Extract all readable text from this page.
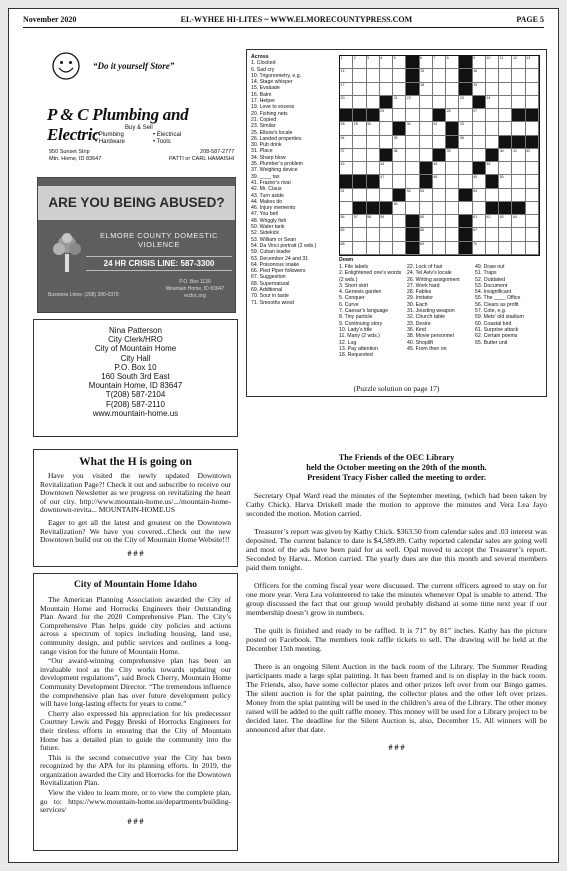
November 2020	EL-WYHEE HI-LITES ~ WWW.ELMORECOUNTYPRESS.COM	PAGE 5
“Do it yourself Store”
P & C Plumbing and Electric	Buy & Sell
• Plumbing	• Electrical
• Hardware	• Tools
950 Sunset Strip
Mtn. Home, ID 83647
208-587-2777
PATTI or CARL HAMAISHI
ARE YOU BEING ABUSED?
ELMORE COUNTY DOMESTIC
VIOLENCE
24 HR CRISIS LINE: 587-3300
P.O. Box 1136
Mountain Home, ID 83647
ecdvc.org
Business Lines: (208) 390-0379
Nina Patterson
City Clerk/HRO
City of Mountain Home
City Hall
P.O. Box 10
160 South 3rd East
Mountain Home, ID 83647
T(208) 587-2104
F(208) 587-2110
www.mountain-home.us
What the H is going on

Have you visited the newly updated Downtown Revitalization Page?! Check it out and subscribe to receive our Downtown Newsletter as we progress on revitalizing the heart of our city. http://www.mountain-home.us/.../mountain-home-downtown-revita... MOUNTAIN-HOME.US

Eager to get all the latest and greatest on the Downtown Revitalization? We have you covered...Check out the new Downtown build out on the City of Mountain Home Website!!!

# # #
City of Mountain Home Idaho

The American Planning Association awarded the City of Mountain Home and Horrocks Engineers their Outstanding Plan Award for the 2020 Comprehensive Plan. The City’s Comprehensive Plan helps guide city policies and actions across a spectrum of topics including housing, land use, community design, and public services and outlines a long-range vision for the future of Mountain Home.

“Our award-winning comprehensive plan has been an invaluable tool as the City works towards updating our development regulations”, said Brock Cherry, Mountain Home Community Development Director. “The tremendous influence the comprehensive plan has over future development policy will have long-lasting effects for years to come.”

Cherry also expressed his appreciation for his predecessor Courtney Lewis and Peggy Breski of Horrocks Engineers for their tireless efforts in ensuring that the City of Mountain Home has a detailed plan to guide the community into the future.

This is the second consecutive year the City has been recognized by the APA for its planning efforts. In 2019, the organization awarded the City and Horrocks for the Downtown Revitalization Plan.

View the video to learn more, or to view the complete plan, go to: https://www.mountain-home.us/departments/building-services/

# # #
Across
1. Clocked
6. Sad cry
10. Trigonometry, e.g.
14. Stage whisper
15. Evaluate
16. Balm
17. Helper
19. Love to excess
20. Fishing nets
21. Copied
23. Similar
25. Elbow’s locale
26. Landed properties
30. Pub drink
31. Place
34. Sharp blow
35. Plumber’s problem
37. Weighing device
39. ____ tax
41. Frazier’s rival
42. Mr. Claus
43. Turn aside
44. Makes do
46. Injury memento
47. You bet!
48. Wriggly fish
50. Water tank
52. Sidekick
53. William or Sean
54. Da Vinci portrait (2 wds.)
59. Cuban leader
63. December 24 and 31
64. Poisonous snake
66. Pied Piper followers
67. Suggestion
68. Supernatural
69. Additional
70. Sour in taste
71. Smooths wood
1	2	3	4	5	6	7	8	9	10	11	12	13
14	15	16
17	18	19
20	21	22	23	24
25	26	27
28	29	30	31	32	33
34	35	36
37	38	39	40	41	42
43	44	45	46
47	48	49	50
51	52	53	54
55
56	57	58	59	60	61	62	63	64
65	66	67
68	69	70
Down
1. File labels
2. Enlightened one’s words (2 wds.)
3. Short skirt
4. Genesis garden
5. Conquer
6. Curve
7. Caesar’s language
8. Tiny particle
9. Continuing story
10. Lady’s title
11. Many (2 wds.)
12. Lug
13. Pay attention
18. Requested
22. Lock of hair
24. Tel Aviv’s locale
26. Writing assignment
27. Work hard
28. Fables
29. Imitator
30. Each
31. Jousting weapon
32. Church table
33. Desire
36. Kind
38. Movie personnel
40. Shoplift
45. From then on
49. Draw out
51. Traps
52. Outdated
53. Document
54. Insignificant
55. The ____ Office
56. Clears as profit
57. Cote, e.g.
59. Mets’ old stadium
60. Coastal bird
61. Surprise attack
62. Certain poems
65. Butter unit
(Puzzle solution on page 17)
The Friends of the OEC Library
held the October meeting on the 20th of the month.
President Tracy Fisher called the meeting to order.

Secretary Opal Ward read the minutes of the September meeting, (which had been taken by Cathy Chick). Harva Driskell made the motion to approve the minutes and Vera Lea Jayo seconded the motion. Motion carried.

Treasurer’s report was given by Kathy Chick. $363.50 from calendar sales and .03 interest was deposited. The current balance to date is $4,589.89. Cathy reported calendar sales are going well and most of the ads have been paid for as well. Opal moved to accept the Treasurer’s report. Seconded by Harva.. Motion carried. The yearly dues are due this month and several members paid them tonight.

Officers for the coming fiscal year were discussed. The current officers agreed to stay on for one more year. Vera Lea volunteered to take the minutes whenever Opal is unable to attend. The group discussed the fact that our group would probably disband at some time next year if our membership doesn’t grow in numbers.

The quilt is finished and ready to be raffled. It is 71” by 81” inches. Kathy has the picture posted on Facebook. The members took raffle tickets to sell. The drawing will be held at the December 15th meeting.

There is an ongoing Silent Auction in the back room of the Library. The Summer Reading participants made a large splat painting. It has been framed and is on display in the back room. The Friends, also, have some collector plates and other prizes left over from our Bingo games. The silent auction is for the splat painting, the collector plates and the other left over prizes. Money from the splat painting will be used in the children’s area of the Library. The other money raised will be added to the quilt raffle money. This money will be used for a Library project to be decided later. The deadline for the Silent Auction is, also, December 15. All winners will be announced after that date.

# # #
